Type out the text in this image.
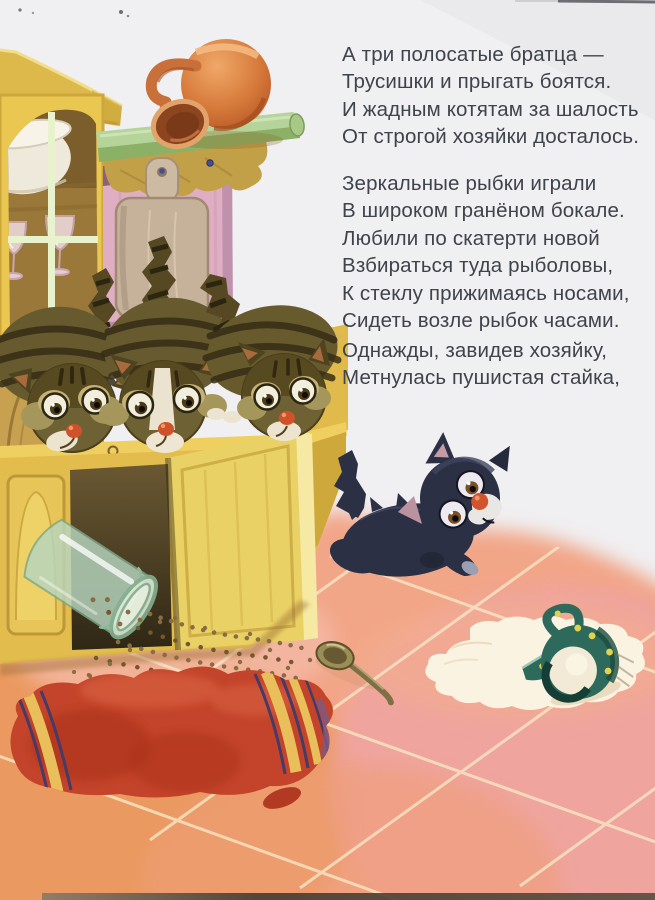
А три полосатые братца —
Трусишки и прыгать боятся.
И жадным котятам за шалость
От строгой хозяйки досталось.
Зеркальные рыбки играли
В широком гранёном бокале.
Любили по скатерти новой
Взбираться туда рыболовы,
К стеклу прижимаясь носами,
Сидеть возле рыбок часами.
Однажды, завидев хозяйку,
Метнулась пушистая стайка,
